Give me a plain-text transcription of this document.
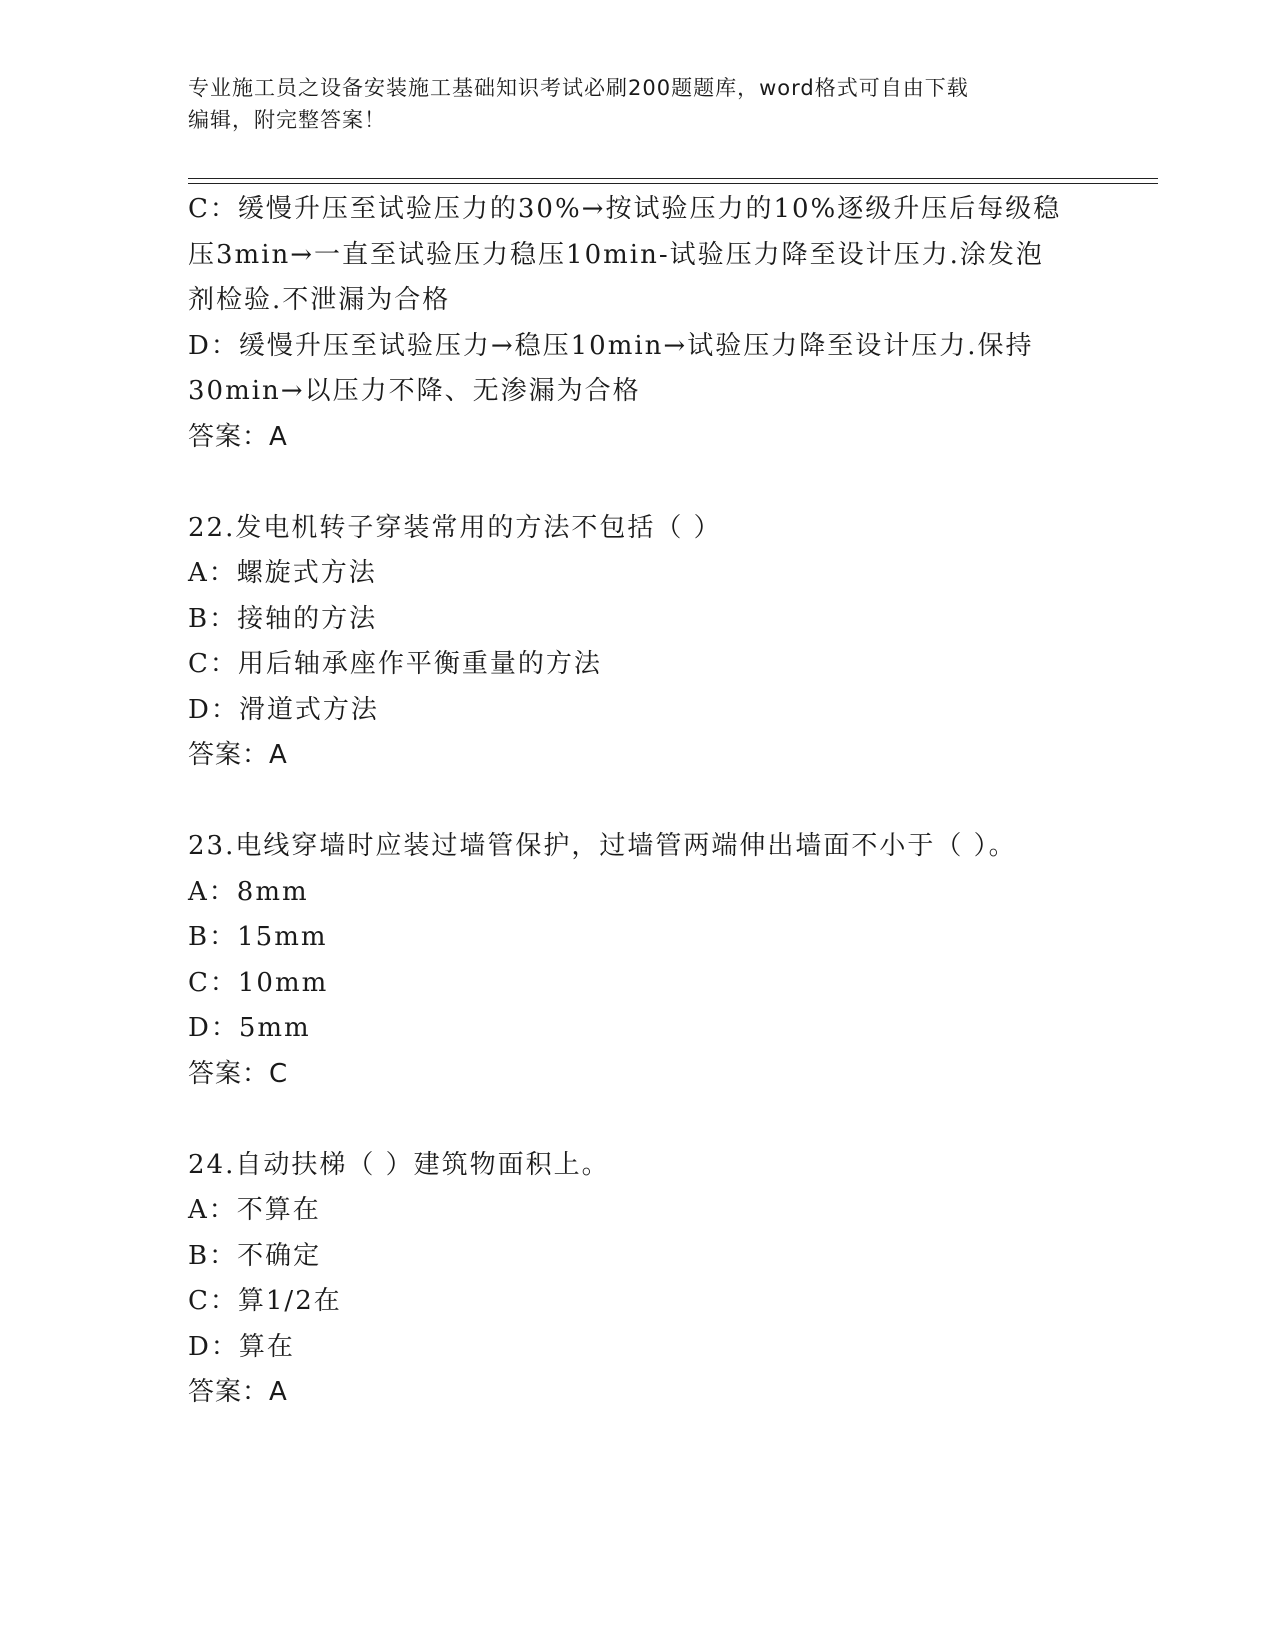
专业施工员之设备安装施工基础知识考试必刷200题题库，word格式可自由下载
编辑，附完整答案！
C：缓慢升压至试验压力的30%→按试验压力的10%逐级升压后每级稳
压3min→一直至试验压力稳压10min-试验压力降至设计压力.涂发泡
剂检验.不泄漏为合格
D：缓慢升压至试验压力→稳压10min→试验压力降至设计压力.保持
30min→以压力不降、无渗漏为合格
答案：A
22.发电机转子穿装常用的方法不包括（ ）
A：螺旋式方法
B：接轴的方法
C：用后轴承座作平衡重量的方法
D：滑道式方法
答案：A
23.电线穿墙时应装过墙管保护，过墙管两端伸出墙面不小于（ ）。
A：8mm
B：15mm
C：10mm
D：5mm
答案：C
24.自动扶梯（ ）建筑物面积上。
A：不算在
B：不确定
C：算1/2在
D：算在
答案：A
